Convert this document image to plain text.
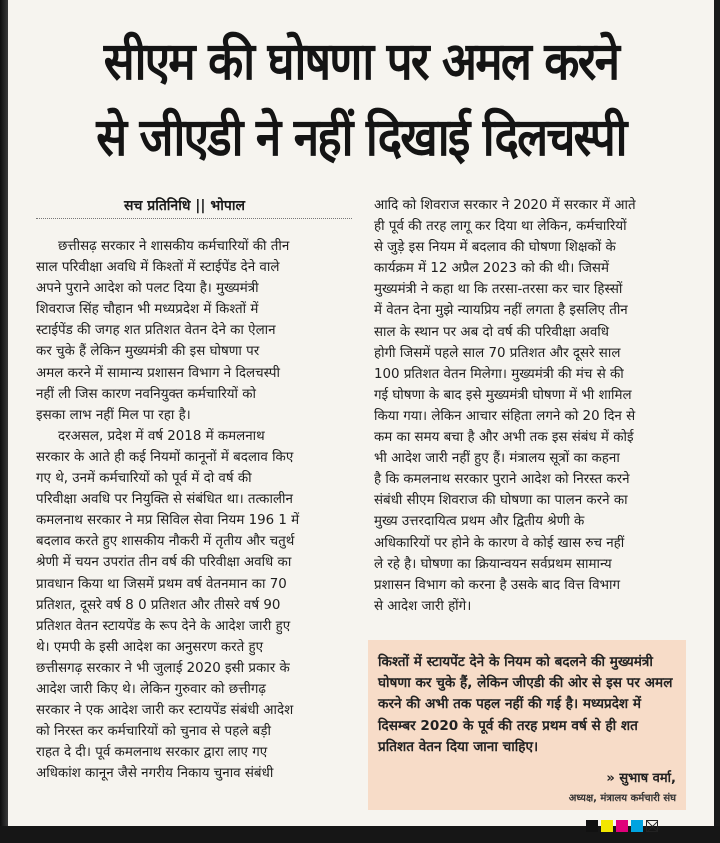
सीएम की घोषणा पर अमल करने
से जीएडी ने नहीं दिखाई दिलचस्पी
सच प्रतिनिधि || भोपाल
छत्तीसढ़ सरकार ने शासकीय कर्मचारियों की तीन
साल परिवीक्षा अवधि में किश्तों में स्टाईपेंड देने वाले
अपने पुराने आदेश को पलट दिया है। मुख्यमंत्री
शिवराज सिंह चौहान भी मध्यप्रदेश में किश्तों में
स्टाईपेंड की जगह शत प्रतिशत वेतन देने का ऐलान
कर चुके हैं लेकिन मुख्यमंत्री की इस घोषणा पर
अमल करने में सामान्य प्रशासन विभाग ने दिलचस्पी
नहीं ली जिस कारण नवनियुक्त कर्मचारियों को
इसका लाभ नहीं मिल पा रहा है।
दरअसल, प्रदेश में वर्ष 2018 में कमलनाथ
सरकार के आते ही कई नियमों कानूनों में बदलाव किए
गए थे, उनमें कर्मचारियों को पूर्व में दो वर्ष की
परिवीक्षा अवधि पर नियुक्ति से संबंधित था। तत्कालीन
कमलनाथ सरकार ने मप्र सिविल सेवा नियम 196 1 में
बदलाव करते हुए शासकीय नौकरी में तृतीय और चतुर्थ
श्रेणी में चयन उपरांत तीन वर्ष की परिवीक्षा अवधि का
प्रावधान किया था जिसमें प्रथम वर्ष वेतनमान का 70
प्रतिशत, दूसरे वर्ष 8 0 प्रतिशत और तीसरे वर्ष 90
प्रतिशत वेतन स्टायपेंड के रूप देने के आदेश जारी हुए
थे। एमपी के इसी आदेश का अनुसरण करते हुए
छत्तीसगढ़ सरकार ने भी जुलाई 2020 इसी प्रकार के
आदेश जारी किए थे। लेकिन गुरुवार को छत्तीगढ़
सरकार ने एक आदेश जारी कर स्टायपेंड संबंधी आदेश
को निरस्त कर कर्मचारियों को चुनाव से पहले बड़ी
राहत दे दी। पूर्व कमलनाथ सरकार द्वारा लाए गए
अधिकांश कानून जैसे नगरीय निकाय चुनाव संबंधी
आदि को शिवराज सरकार ने 2020 में सरकार में आते
ही पूर्व की तरह लागू कर दिया था लेकिन, कर्मचारियों
से जुड़े इस नियम में बदलाव की घोषणा शिक्षकों के
कार्यक्रम में 12 अप्रैल 2023 को की थी। जिसमें
मुख्यमंत्री ने कहा था कि तरसा-तरसा कर चार हिस्सों
में वेतन देना मुझे न्यायप्रिय नहीं लगता है इसलिए तीन
साल के स्थान पर अब दो वर्ष की परिवीक्षा अवधि
होगी जिसमें पहले साल 70 प्रतिशत और दूसरे साल
100 प्रतिशत वेतन मिलेगा। मुख्यमंत्री की मंच से की
गई घोषणा के बाद इसे मुख्यमंत्री घोषणा में भी शामिल
किया गया। लेकिन आचार संहिता लगने को 20 दिन से
कम का समय बचा है और अभी तक इस संबंध में कोई
भी आदेश जारी नहीं हुए हैं। मंत्रालय सूत्रों का कहना
है कि कमलनाथ सरकार पुराने आदेश को निरस्त करने
संबंधी सीएम शिवराज की घोषणा का पालन करने का
मुख्य उत्तरदायित्व प्रथम और द्वितीय श्रेणी के
अधिकारियों पर होने के कारण वे कोई खास रुच नहीं
ले रहे है। घोषणा का क्रियान्वयन सर्वप्रथम सामान्य
प्रशासन विभाग को करना है उसके बाद वित्त विभाग
से आदेश जारी होंगे।
किश्तों में स्टायपेंट देने के नियम को बदलने की मुख्यमंत्री
घोषणा कर चुके हैं, लेकिन जीएडी की ओर से इस पर अमल
करने की अभी तक पहल नहीं की गई है। मध्यप्रदेश में
दिसम्बर 2020 के पूर्व की तरह प्रथम वर्ष से ही शत
प्रतिशत वेतन दिया जाना चाहिए।
» सुभाष वर्मा,
अध्यक्ष, मंत्रालय कर्मचारी संघ
